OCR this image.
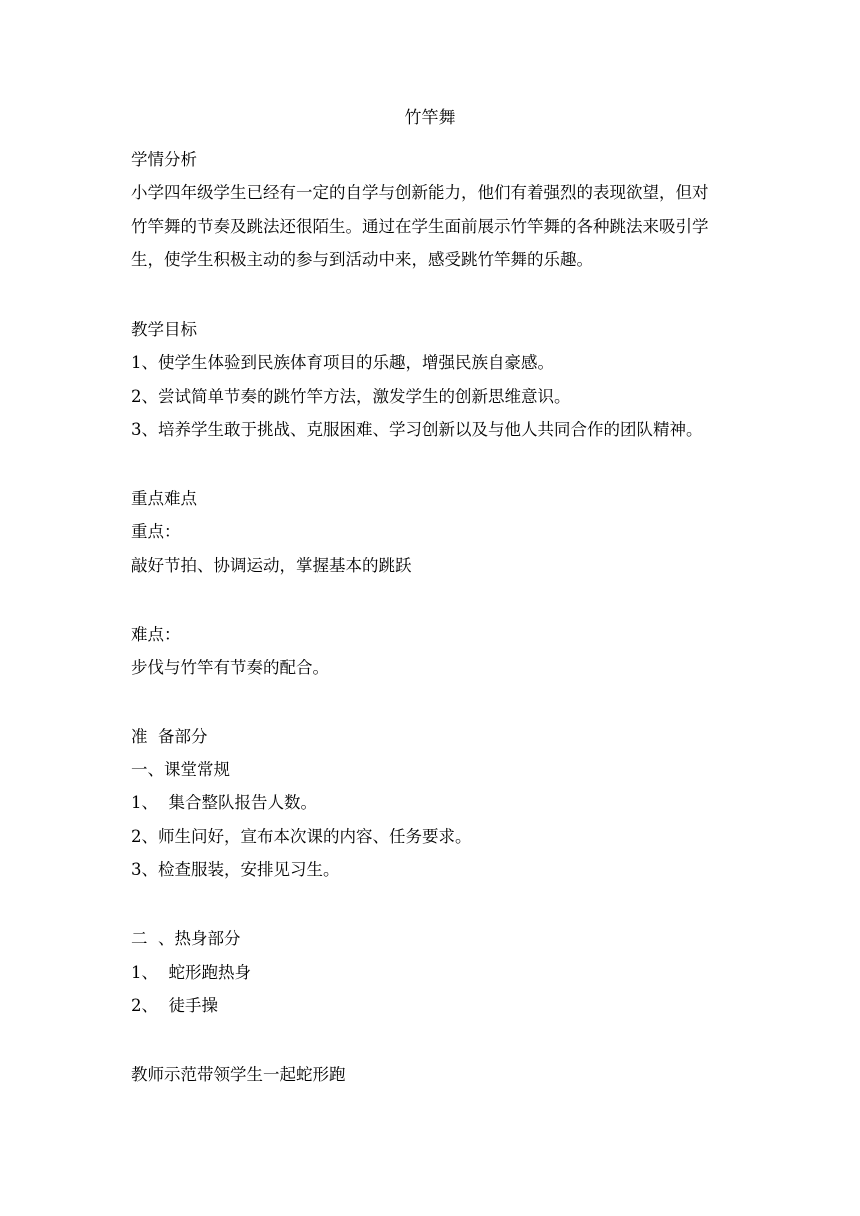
竹竿舞

学情分析

小学四年级学生已经有一定的自学与创新能力，他们有着强烈的表现欲望，但对

竹竿舞的节奏及跳法还很陌生。通过在学生面前展示竹竿舞的各种跳法来吸引学

生，使学生积极主动的参与到活动中来，感受跳竹竿舞的乐趣。

教学目标

1、使学生体验到民族体育项目的乐趣，增强民族自豪感。

2、尝试简单节奏的跳竹竿方法，激发学生的创新思维意识。

3、培养学生敢于挑战、克服困难、学习创新以及与他人共同合作的团队精神。

重点难点

重点：

敲好节拍、协调运动，掌握基本的跳跃

难点：

步伐与竹竿有节奏的配合。

准  备部分

一、课堂常规

1、  集合整队报告人数。

2、师生问好，宣布本次课的内容、任务要求。

3、检查服装，安排见习生。

二  、热身部分

1、  蛇形跑热身

2、  徒手操

教师示范带领学生一起蛇形跑
